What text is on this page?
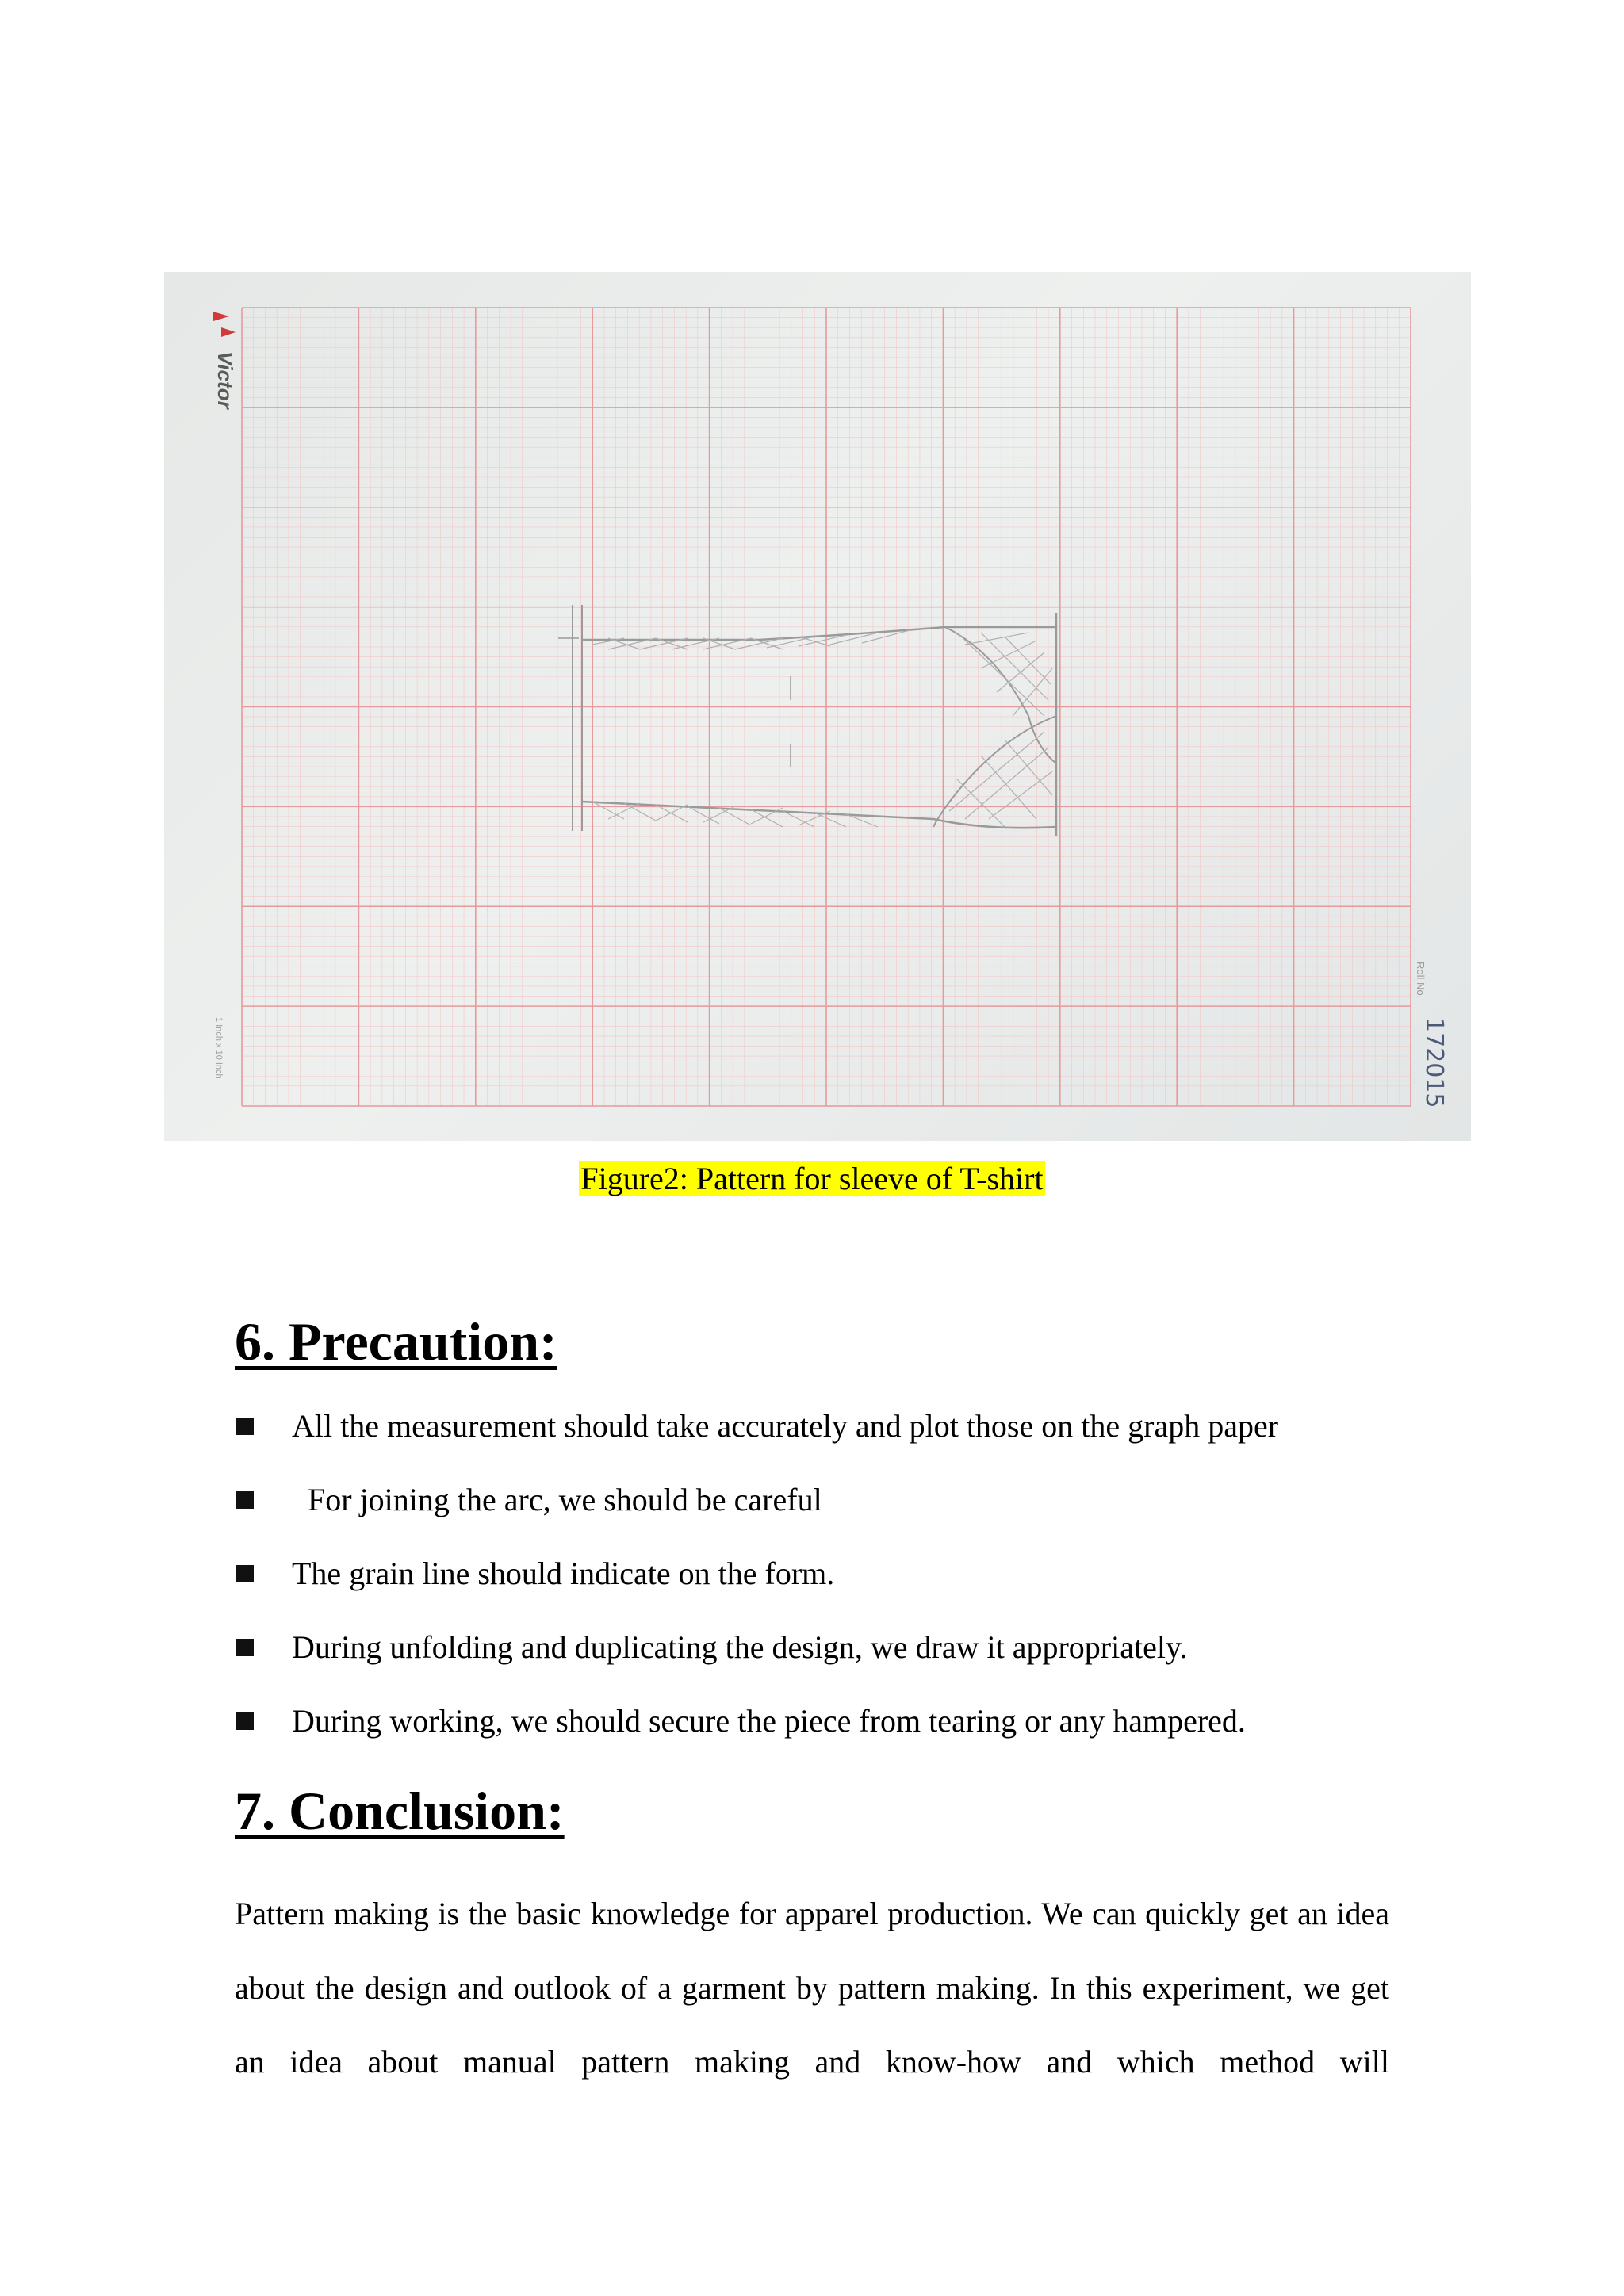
Victor
1 Inch x 10 Inch
Roll No.
172015
Figure2: Pattern for sleeve of T-shirt
6. Precaution:
All the measurement should take accurately and plot those on the graph paper
For joining the arc, we should be careful
The grain line should indicate on the form.
During unfolding and duplicating the design, we draw it appropriately.
During working, we should secure the piece from tearing or any hampered.
7. Conclusion:

Pattern making is the basic knowledge for apparel production. We can quickly get an idea about the design and outlook of a garment by pattern making. In this experiment, we get an idea about manual pattern making and know-how and which method will
